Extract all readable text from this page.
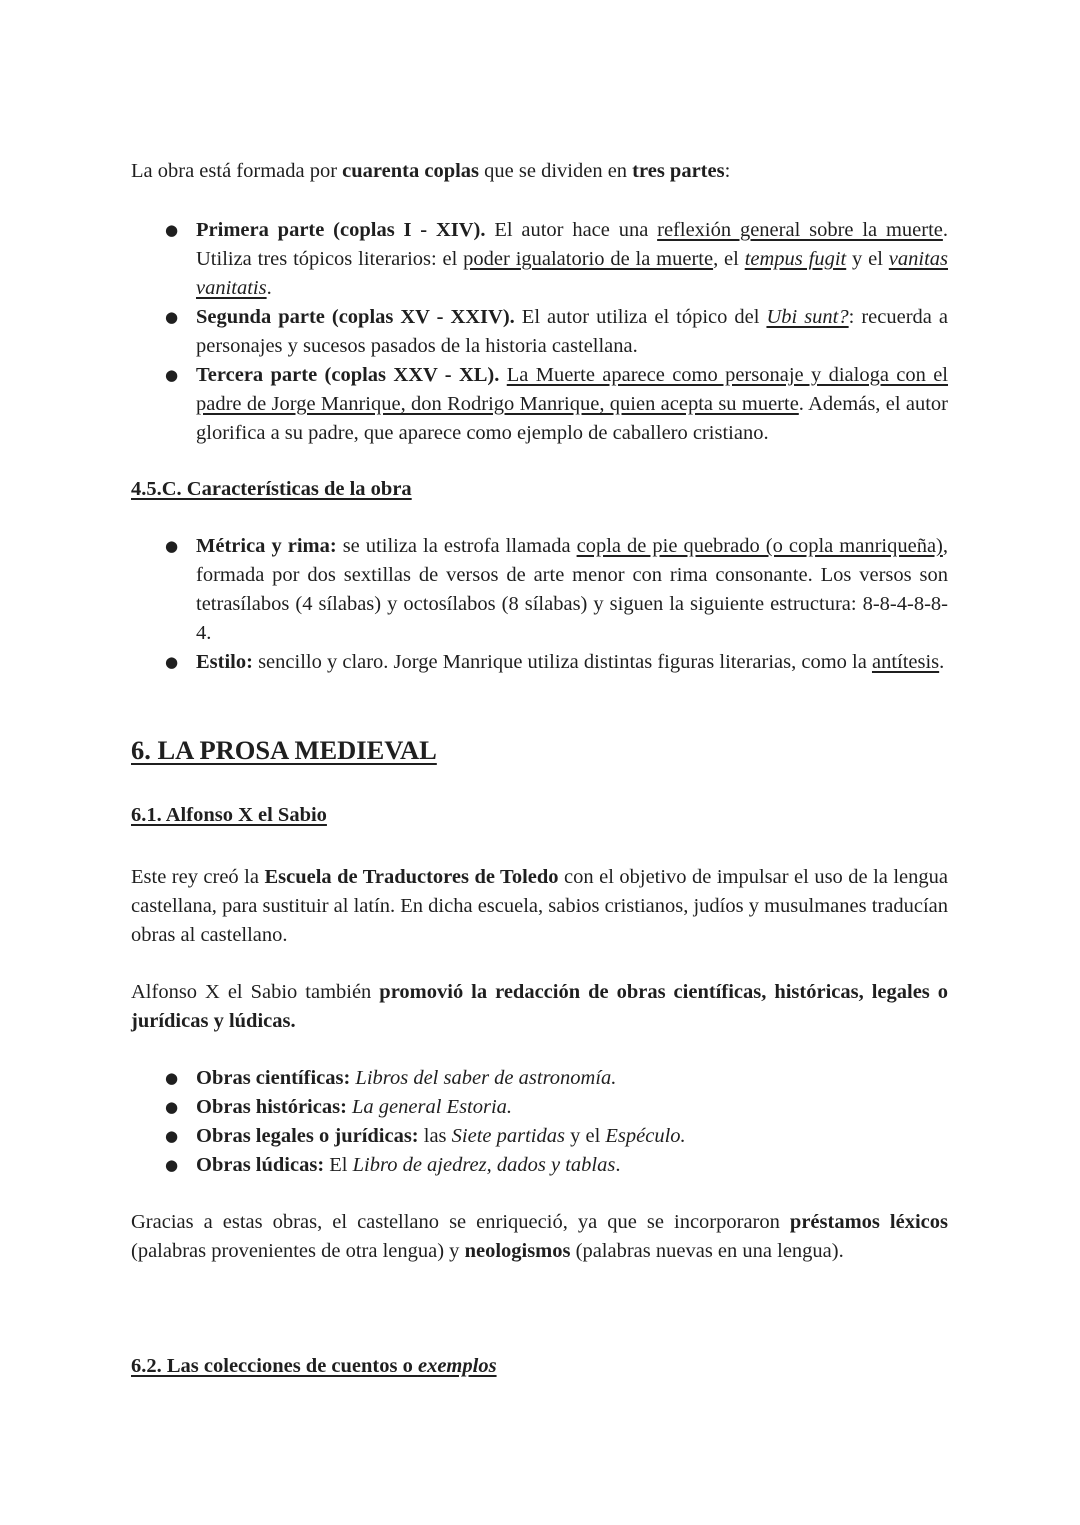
La obra está formada por cuarenta coplas que se dividen en tres partes:

● Primera parte (coplas I - XIV). El autor hace una reflexión general sobre la muerte. Utiliza tres tópicos literarios: el poder igualatorio de la muerte, el tempus fugit y el vanitas vanitatis.
● Segunda parte (coplas XV - XXIV). El autor utiliza el tópico del Ubi sunt?: recuerda a personajes y sucesos pasados de la historia castellana.
● Tercera parte (coplas XXV - XL). La Muerte aparece como personaje y dialoga con el padre de Jorge Manrique, don Rodrigo Manrique, quien acepta su muerte. Además, el autor glorifica a su padre, que aparece como ejemplo de caballero cristiano.
4.5.C. Características de la obra
● Métrica y rima: se utiliza la estrofa llamada copla de pie quebrado (o copla manriqueña), formada por dos sextillas de versos de arte menor con rima consonante. Los versos son tetrasílabos (4 sílabas) y octosílabos (8 sílabas) y siguen la siguiente estructura: 8-8-4-8-8-4.
● Estilo: sencillo y claro. Jorge Manrique utiliza distintas figuras literarias, como la antítesis.
6. LA PROSA MEDIEVAL
6.1. Alfonso X el Sabio

Este rey creó la Escuela de Traductores de Toledo con el objetivo de impulsar el uso de la lengua castellana, para sustituir al latín. En dicha escuela, sabios cristianos, judíos y musulmanes traducían obras al castellano.

Alfonso X el Sabio también promovió la redacción de obras científicas, históricas, legales o jurídicas y lúdicas.

● Obras científicas: Libros del saber de astronomía.
● Obras históricas: La general Estoria.
● Obras legales o jurídicas: las Siete partidas y el Espéculo.
● Obras lúdicas: El Libro de ajedrez, dados y tablas.

Gracias a estas obras, el castellano se enriqueció, ya que se incorporaron préstamos léxicos (palabras provenientes de otra lengua) y neologismos (palabras nuevas en una lengua).

6.2. Las colecciones de cuentos o exemplos
